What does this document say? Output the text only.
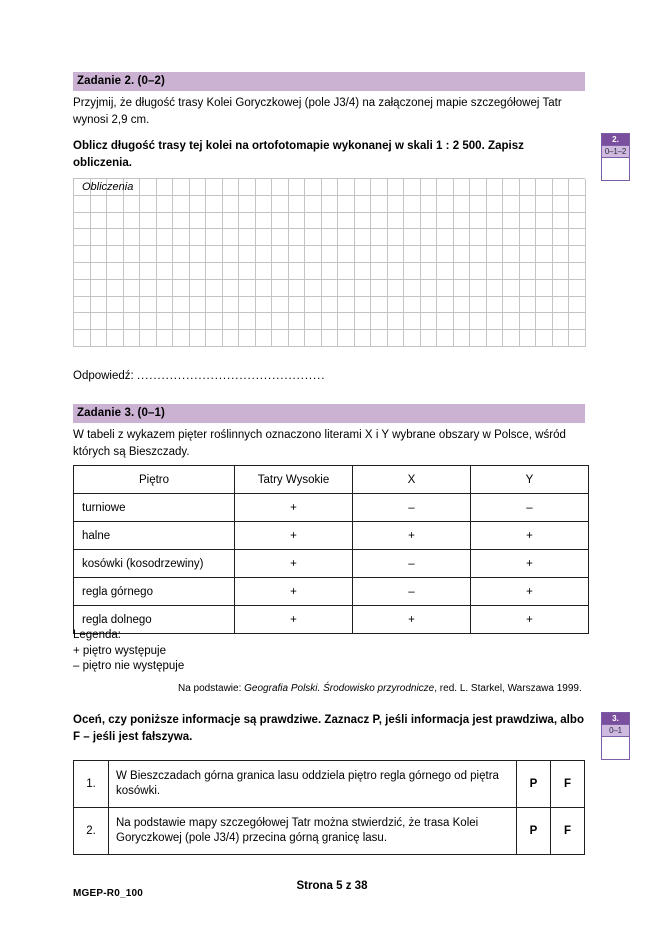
Zadanie 2. (0–2)
Przyjmij, że długość trasy Kolei Goryczkowej (pole J3/4) na załączonej mapie szczegółowej Tatr wynosi 2,9 cm.
Oblicz długość trasy tej kolei na ortofotomapie wykonanej w skali 1 : 2 500. Zapisz obliczenia.
2.
0–1–2
Obliczenia
Odpowiedź: ..............................................
Zadanie 3. (0–1)
W tabeli z wykazem pięter roślinnych oznaczono literami X i Y wybrane obszary w Polsce, wśród których są Bieszczady.
Piętro	Tatry Wysokie	X	Y
turniowe	+	–	–
halne	+	+	+
kosówki (kosodrzewiny)	+	–	+
regla górnego	+	–	+
regla dolnego	+	+	+
Legenda:
+ piętro występuje
– piętro nie występuje
Na podstawie: Geografia Polski. Środowisko przyrodnicze, red. L. Starkel, Warszawa 1999.
Oceń, czy poniższe informacje są prawdziwe. Zaznacz P, jeśli informacja jest prawdziwa, albo F – jeśli jest fałszywa.
3.
0–1
1.	W Bieszczadach górna granica lasu oddziela piętro regla górnego od piętra kosówki.	P	F
2.	Na podstawie mapy szczegółowej Tatr można stwierdzić, że trasa Kolei Goryczkowej (pole J3/4) przecina górną granicę lasu.	P	F
MGEP-R0_100
Strona 5 z 38
